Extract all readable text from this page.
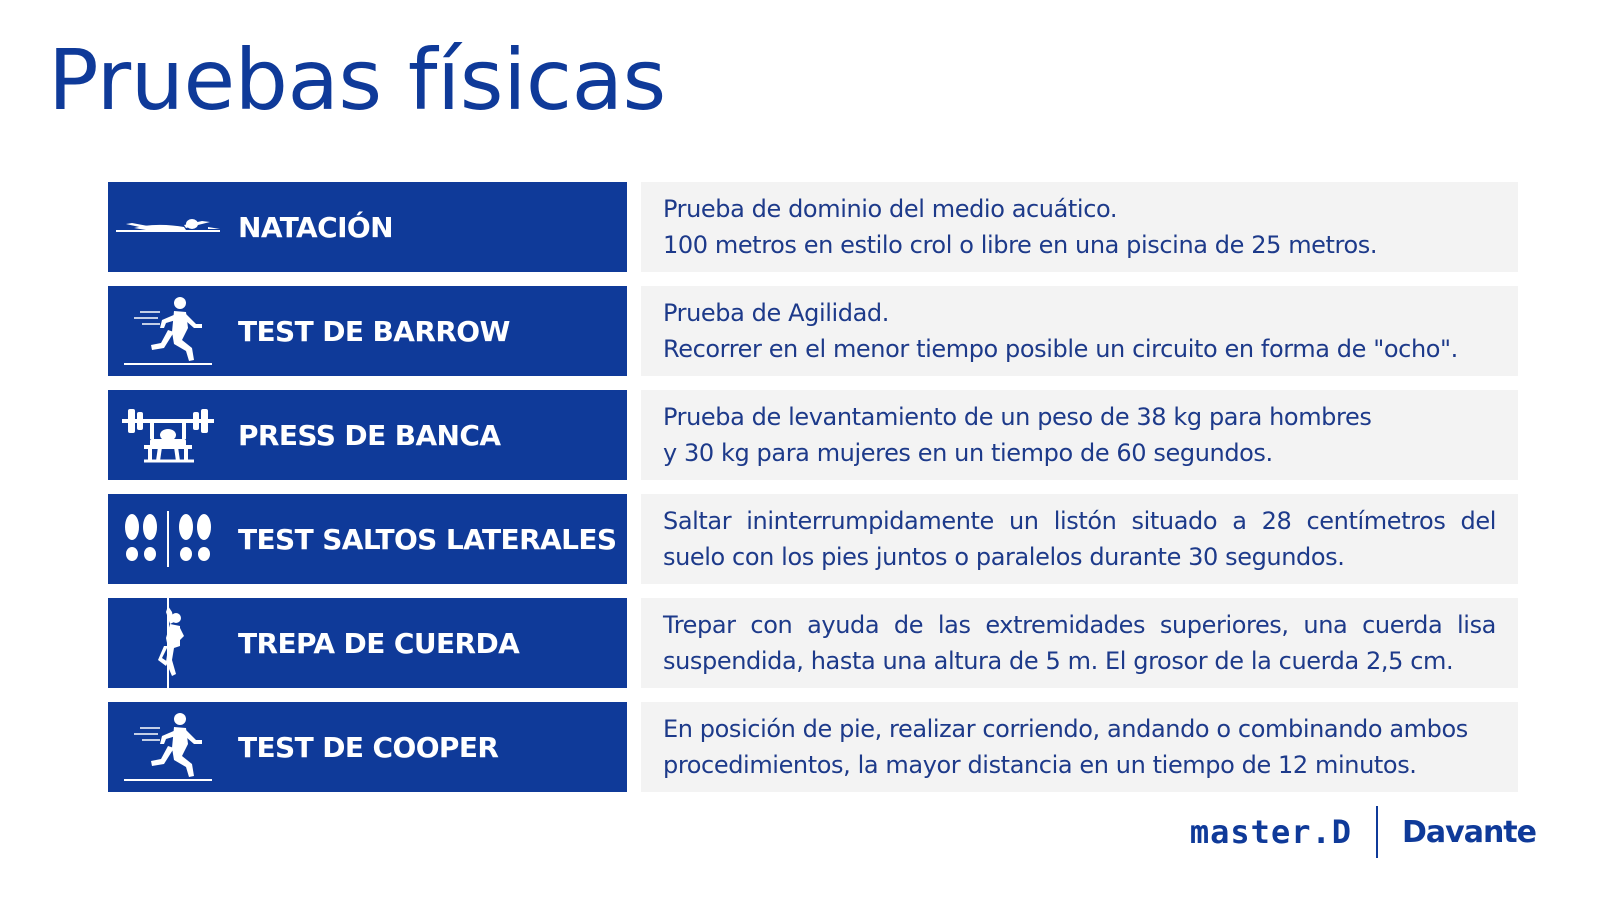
Pruebas físicas
NATACIÓN
Prueba de dominio del medio acuático.
100 metros en estilo crol o libre en una piscina de 25 metros.
TEST DE BARROW
Prueba de Agilidad.
Recorrer en el menor tiempo posible un circuito en forma de "ocho".
PRESS DE BANCA
Prueba de levantamiento de un peso de 38 kg para hombres
y 30 kg para mujeres en un tiempo de 60 segundos.
TEST SALTOS LATERALES
Saltar ininterrumpidamente un listón situado a 28 centímetros del
suelo con los pies juntos o paralelos durante 30 segundos.
TREPA DE CUERDA
Trepar con ayuda de las extremidades superiores, una cuerda lisa
suspendida, hasta una altura de 5 m. El grosor de la cuerda 2,5 cm.
TEST DE COOPER
En posición de pie, realizar corriendo, andando o combinando ambos
procedimientos, la mayor distancia en un tiempo de 12 minutos.
master.D Davante
